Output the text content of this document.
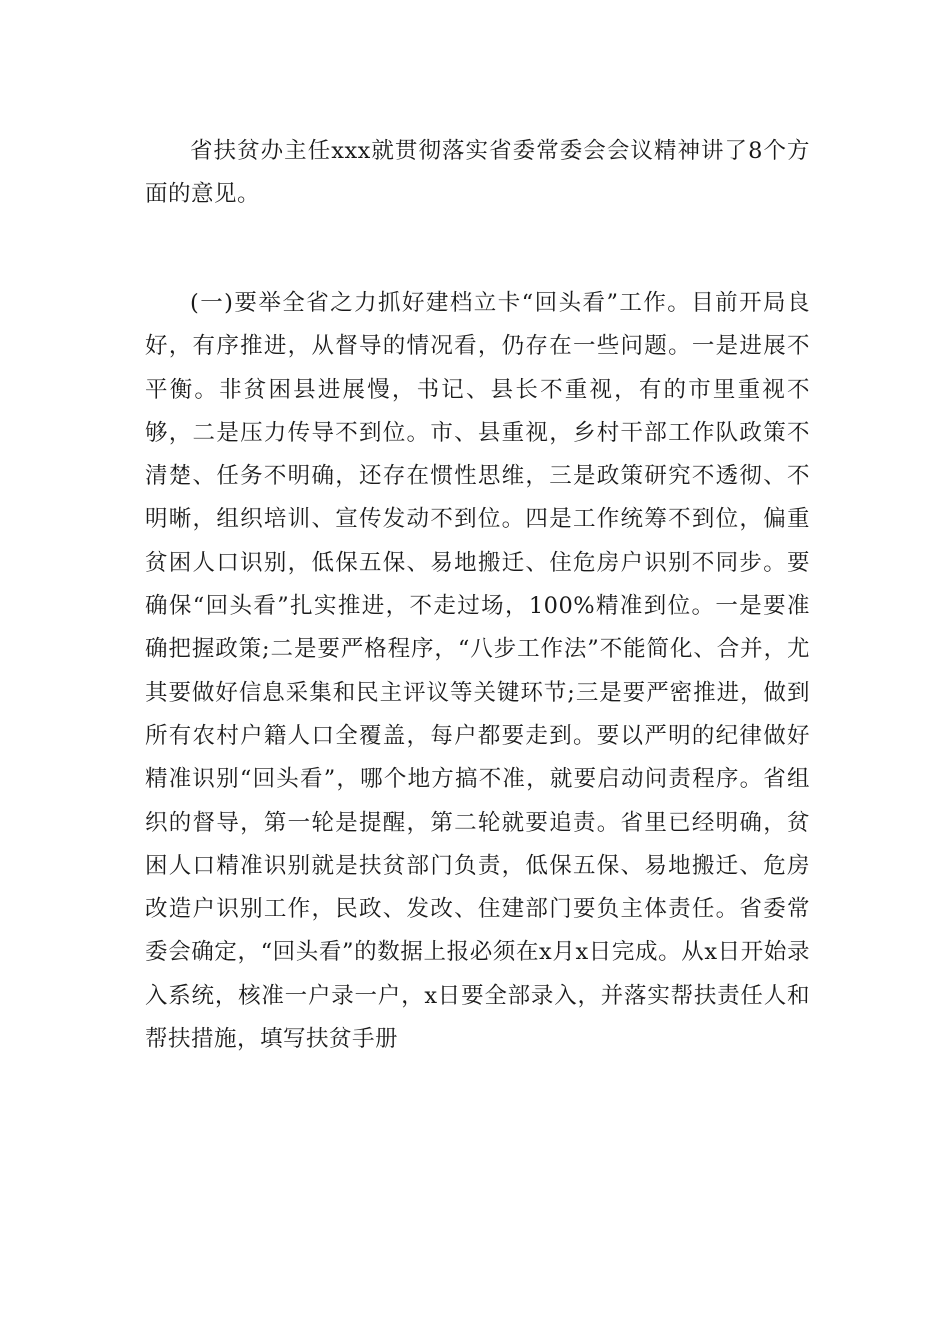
省扶贫办主任xxx就贯彻落实省委常委会会议精神讲了8个方面的意见。

(一)要举全省之力抓好建档立卡“回头看”工作。目前开局良好，有序推进，从督导的情况看，仍存在一些问题。一是进展不平衡。非贫困县进展慢，书记、县长不重视，有的市里重视不够，二是压力传导不到位。市、县重视，乡村干部工作队政策不清楚、任务不明确，还存在惯性思维，三是政策研究不透彻、不明晰，组织培训、宣传发动不到位。四是工作统筹不到位，偏重贫困人口识别，低保五保、易地搬迁、住危房户识别不同步。要确保“回头看”扎实推进，不走过场，100%精准到位。一是要准确把握政策;二是要严格程序，“八步工作法”不能简化、合并，尤其要做好信息采集和民主评议等关键环节;三是要严密推进，做到所有农村户籍人口全覆盖，每户都要走到。要以严明的纪律做好精准识别“回头看”，哪个地方搞不准，就要启动问责程序。省组织的督导，第一轮是提醒，第二轮就要追责。省里已经明确，贫困人口精准识别就是扶贫部门负责，低保五保、易地搬迁、危房改造户识别工作，民政、发改、住建部门要负主体责任。省委常委会确定，“回头看”的数据上报必须在x月x日完成。从x日开始录入系统，核准一户录一户，x日要全部录入，并落实帮扶责任人和帮扶措施，填写扶贫手册
